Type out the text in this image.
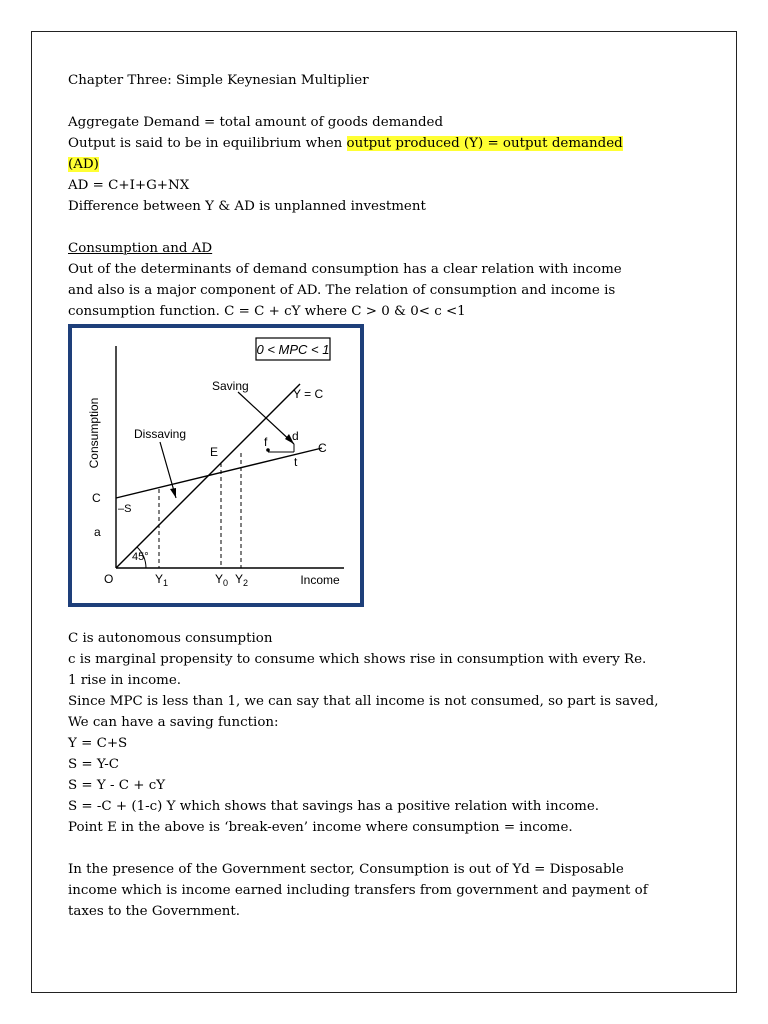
Chapter Three: Simple Keynesian Multiplier

Aggregate Demand = total amount of goods demanded

Output is said to be in equilibrium when output produced (Y) = output demanded

(AD)

AD = C+I+G+NX

Difference between Y & AD is unplanned investment

Consumption and AD

Out of the determinants of demand consumption has a clear relation with income

and also is a major component of AD. The relation of consumption and income is

consumption function. C = C + cY where C > 0 & 0< c <1

0 < MPC < 1
Consumption
Income
45°
Saving
Y = C
Dissaving
E
f d
t
C
C
–S
a
O	$Y_1$	$Y_0$ $Y_2$

C is autonomous consumption

c is marginal propensity to consume which shows rise in consumption with every Re.

1 rise in income.

Since MPC is less than 1, we can say that all income is not consumed, so part is saved,

We can have a saving function:

Y = C+S

S = Y-C

S = Y - C + cY

S = -C + (1-c) Y which shows that savings has a positive relation with income.

Point E in the above is ‘break-even’ income where consumption = income.

In the presence of the Government sector, Consumption is out of Yd = Disposable

income which is income earned including transfers from government and payment of

taxes to the Government.
